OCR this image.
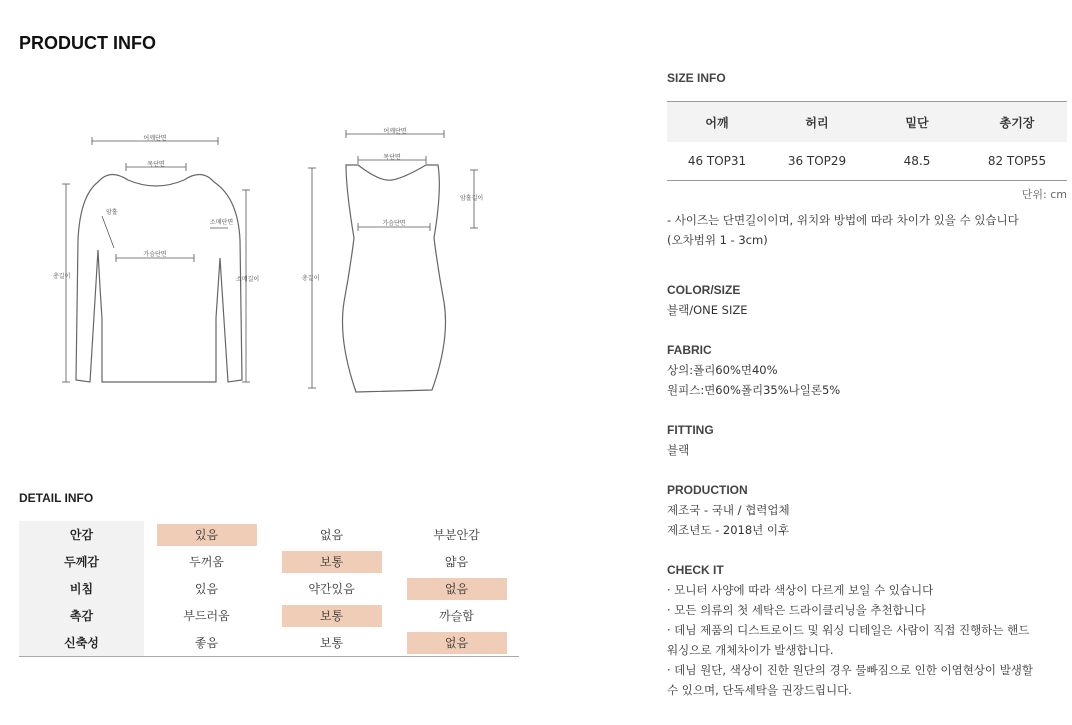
PRODUCT INFO
어깨단면
목단면
암홀
소매단면
가슴단면
총길이	소매길이
어깨단면
목단면
암홀길이
가슴단면
총길이
DETAIL INFO
안감	있음	없음	부분안감
두께감	두꺼움	보통	얇음
비침	있음	약간있음	없음
촉감	부드러움	보통	까슬함
신축성	좋음	보통	없음
SIZE INFO
어깨	허리	밑단	총기장
46 TOP31	36 TOP29	48.5	82 TOP55

단위: cm

- 사이즈는 단면길이이며, 위치와 방법에 따라 차이가 있을 수 있습니다

(오차범위 1 - 3cm)

COLOR/SIZE

블랙/ONE SIZE

FABRIC

상의:폴리60%면40%

원피스:면60%폴리35%나일론5%

FITTING

블랙

PRODUCTION

제조국 - 국내 / 협력업체

제조년도 - 2018년 이후

CHECK IT

· 모니터 사양에 따라 색상이 다르게 보일 수 있습니다

· 모든 의류의 첫 세탁은 드라이클리닝을 추천합니다

· 데님 제품의 디스트로이드 및 워싱 디테일은 사람이 직접 진행하는 핸드

워싱으로 개체차이가 발생합니다.

· 데님 원단, 색상이 진한 원단의 경우 물빠짐으로 인한 이염현상이 발생할

수 있으며, 단독세탁을 권장드립니다.
